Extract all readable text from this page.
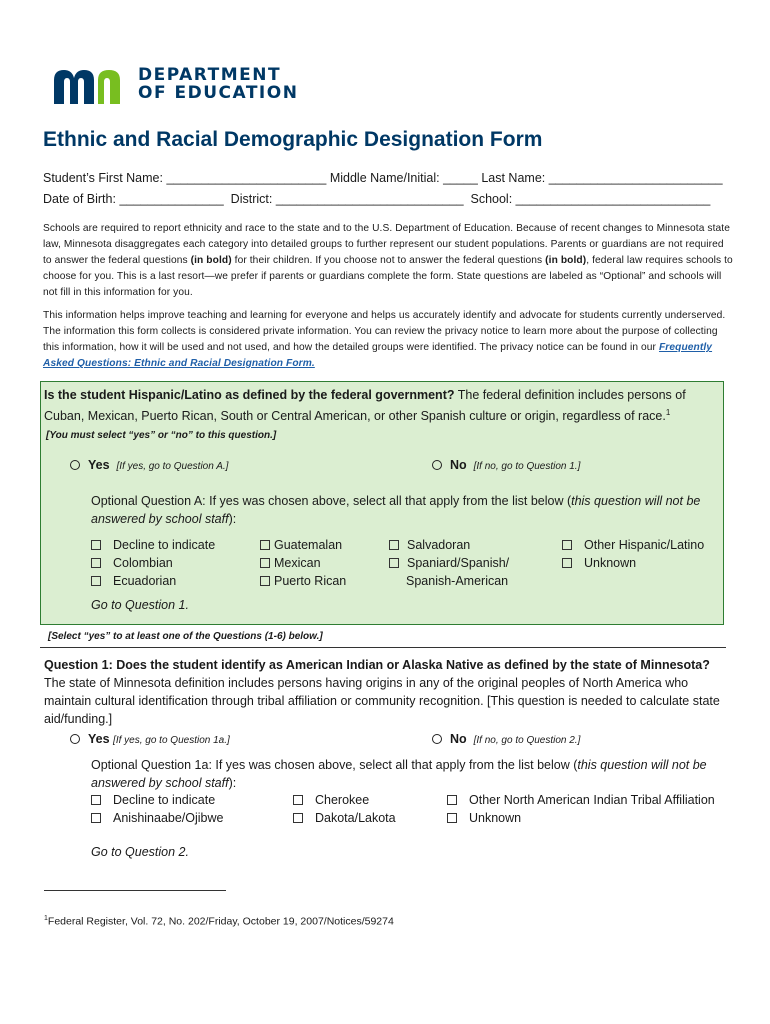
DEPARTMENT
OF EDUCATION
Ethnic and Racial Demographic Designation Form
Student’s First Name: _______________________ Middle Name/Initial: _____ Last Name: _________________________
Date of Birth: _______________ District: ___________________________ School: ____________________________
Schools are required to report ethnicity and race to the state and to the U.S. Department of Education. Because of recent changes to Minnesota state law, Minnesota disaggregates each category into detailed groups to further represent our student populations. Parents or guardians are not required to answer the federal questions (in bold) for their children. If you choose not to answer the federal questions (in bold), federal law requires schools to choose for you. This is a last resort—we prefer if parents or guardians complete the form. State questions are labeled as “Optional” and schools will not fill in this information for you.
This information helps improve teaching and learning for everyone and helps us accurately identify and advocate for students currently underserved. The information this form collects is considered private information. You can review the privacy notice to learn more about the purpose of collecting this information, how it will be used and not used, and how the detailed groups were identified. The privacy notice can be found in our Frequently Asked Questions: Ethnic and Racial Designation Form.
Is the student Hispanic/Latino as defined by the federal government? The federal definition includes persons of Cuban, Mexican, Puerto Rican, South or Central American, or other Spanish culture or origin, regardless of race.$^1$
[You must select “yes” or “no” to this question.]
Yes [If yes, go to Question A.]	No [If no, go to Question 1.]
Optional Question A: If yes was chosen above, select all that apply from the list below (this question will not be answered by school staff):
Decline to indicate
Colombian
Ecuadorian
Guatemalan
Mexican
Puerto Rican
Salvadoran
Spaniard/Spanish/
Spanish-American
Other Hispanic/Latino
Unknown
Go to Question 1.
[Select “yes” to at least one of the Questions (1-6) below.]
Question 1: Does the student identify as American Indian or Alaska Native as defined by the state of Minnesota? The state of Minnesota definition includes persons having origins in any of the original peoples of North America who maintain cultural identification through tribal affiliation or community recognition. [This question is needed to calculate state aid/funding.]
Yes [If yes, go to Question 1a.]	No [If no, go to Question 2.]
Optional Question 1a: If yes was chosen above, select all that apply from the list below (this question will not be answered by school staff):
Decline to indicate
Anishinaabe/Ojibwe
Cherokee
Dakota/Lakota
Other North American Indian Tribal Affiliation
Unknown
Go to Question 2.
$^1$Federal Register, Vol. 72, No. 202/Friday, October 19, 2007/Notices/59274
